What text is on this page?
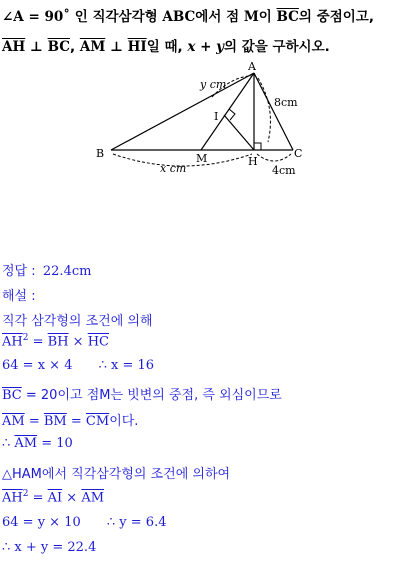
∠A = 90˚ 인 직각삼각형 ABC에서 점 M이 $\overline{BC}$의 중점이고,
$\overline{AH}$ ⊥ $\overline{BC}$, $\overline{AM}$ ⊥ $\overline{HI}$일 때, x + y의 값을 구하시오.
A
B	C
M	H
I
y cm
8cm
x cm	4cm
정답 : 22.4cm
해설 :
직각 삼각형의 조건에 의해
$\overline{AH}^2 = \overline{BH} \times \overline{HC}$
64 = x × 4 ∴ x = 16
$\overline{BC} = 20$이고 점M는 빗변의 중점, 즉 외심이므로
$\overline{AM} = \overline{BM} = \overline{CM}$이다.
∴ $\overline{AM} = 10$
△HAM에서 직각삼각형의 조건에 의하여
$\overline{AH}^2 = \overline{AI} \times \overline{AM}$
64 = y × 10 ∴ y = 6.4
∴ x + y = 22.4
